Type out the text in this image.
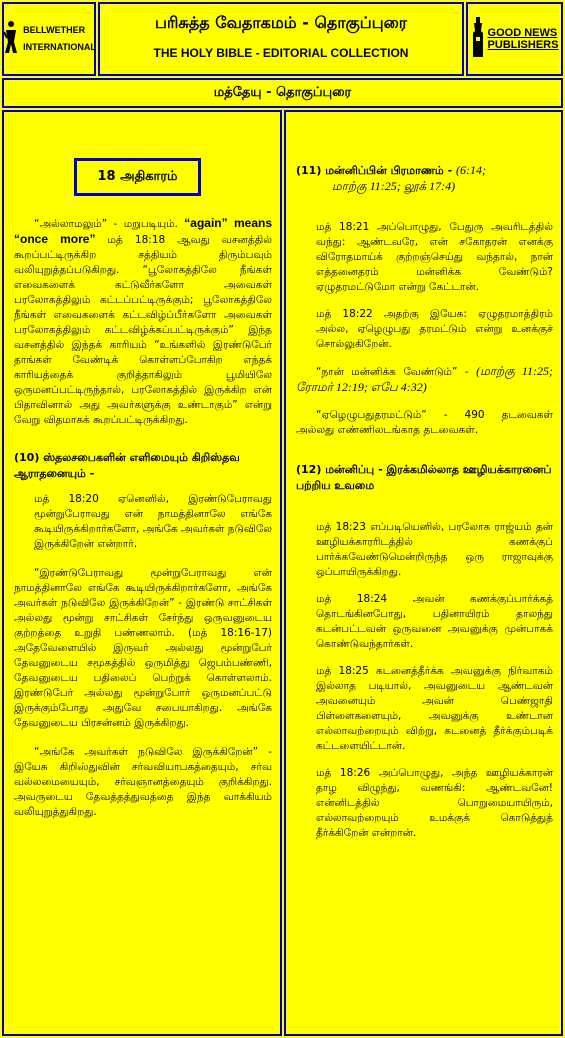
BELLWETHER
INTERNATIONAL
பரிசுத்த வேதாகமம் - தொகுப்புரை
THE HOLY BIBLE - EDITORIAL COLLECTION
GOOD NEWS
PUBLISHERS
மத்தேயு - தொகுப்புரை
18 அதிகாரம்

“அல்லாமலும்” - மறுபடியும். “again” means “once more” மத் 18:18 ஆவது வசனத்தில் கூறப்பட்டிருக்கிற சத்தியம் திரும்பவும் வலியுறுத்தப்படுகிறது. “பூலோகத்திலே நீங்கள் எவைகளைக் கட்டுவீர்களோ அவைகள் பரலோகத்திலும் கட்டப்பட்டிருக்கும்; பூலோகத்திலே நீங்கள் எவைகளைக் கட்டவிழ்ப்பீர்களோ அவைகள் பரலோகத்திலும் கட்டவிழ்க்கப்பட்டிருக்கும்” இந்த வசனத்தில் இந்தக் காரியம் “உங்களில் இரண்டுபேர் தாங்கள் வேண்டிக் கொள்ளப்போகிற எந்தக் காரியத்தைக் குறித்தாகிலும் பூமியிலே ஒருமனப்பட்டிருந்தால், பரலோகத்தில் இருக்கிற என் பிதாவினால் அது அவர்களுக்கு உண்டாகும்” என்று வேறு விதமாகக் கூறப்பட்டிருக்கிறது.

(10) ஸ்தலசபைகளின் எளிமையும் கிறிஸ்தவ ஆராதனையும் -

மத் 18:20 ஏனெனில், இரண்டுபேராவது மூன்றுபேராவது என் நாமத்தினாலே எங்கே கூடியிருக்கிறார்களோ, அங்கே அவர்கள் நடுவிலே இருக்கிறேன் என்றார்.

“இரண்டுபேராவது மூன்றுபேராவது என் நாமத்தினாலே எங்கே கூடியிருக்கிறார்களோ, அங்கே அவர்கள் நடுவிலே இருக்கிறேன்” - இரண்டு சாட்சிகள் அல்லது மூன்று சாட்சிகள் சேர்ந்து ஒருவனுடைய குற்றத்தை உறுதி பண்ணலாம். (மத் 18:16-17) அதேவேளையில் இருவர் அல்லது மூன்றுபேர் தேவனுடைய சமூகத்தில் ஒருமித்து ஜெபம்பண்ணி, தேவனுடைய பதிலைப் பெற்றுக் கொள்ளலாம். இரண்டுபேர் அல்லது மூன்றுபோர் ஒருமனப்பட்டு இருக்கும்போது அதுவே சபையாகிறது. அங்கே தேவனுடைய பிரசன்னம் இருக்கிறது.

“அங்கே அவர்கள் நடுவிலே இருக்கிறேன்” - இயேசு கிறிஸ்துவின் சர்வவியாபகத்தையும், சர்வ வல்லமையையும், சர்வஞானத்தையும் குறிக்கிறது. அவருடைய தேவத்தத்துவத்தை இந்த வாக்கியம் வலியுறுத்துகிறது.

(11) மன்னிப்பின் பிரமாணம் - (6:14;
மாற்கு 11:25; லூக் 17:4)

மத் 18:21 அப்பொழுது, பேதுரு அவரிடத்தில் வந்து: ஆண்டவரே, என் சகோதரன் எனக்கு விரோதமாய்க் குற்றஞ்செய்து வந்தால், நான் எத்தனைதரம் மன்னிக்க வேண்டும்? ஏழுதரமட்டுமோ என்று கேட்டான்.

மத் 18:22 அதற்கு இயேசு: ஏழுதரமாத்திரம் அல்ல, ஏழெழுபது தரமட்டும் என்று உனக்குச் சொல்லுகிறேன்.

“நான் மன்னிக்க வேண்டும்” - (மாற்கு 11:25; ரோமர் 12:19; எபே 4:32)

“ஏழெழுபதுதரமட்டும்” - 490 தடவைகள் அல்லது எண்ணிலடங்காத தடவைகள்.

(12) மன்னிப்பு - இரக்கமில்லாத ஊழியக்காரனைப் பற்றிய உவமை

மத் 18:23 எப்படியெனில், பரலோக ராஜ்யம் தன் ஊழியக்காரரிடத்தில் கணக்குப் பார்க்கவேண்டுமென்றிருந்த ஒரு ராஜாவுக்கு ஒப்பாயிருக்கிறது.

மத் 18:24 அவன் கணக்குப்பார்க்கத் தொடங்கினபோது, பதினாயிரம் தாலந்து கடன்பட்டவன் ஒருவனை அவனுக்கு முன்பாகக் கொண்டுவந்தார்கள்.

மத் 18:25 கடனைத்தீர்க்க அவனுக்கு நிர்வாகம் இல்லாத படியால், அவனுடைய ஆண்டவன் அவனையும் அவன் பெண்ஜாதி பிள்ளைகளையும், அவனுக்கு உண்டான எல்லாவற்றையும் விற்று, கடனைத் தீர்க்கும்படிக் கட்டளையிட்டான்.

மத் 18:26 அப்பொழுது, அந்த ஊழியக்காரன் தாழ விழுந்து, வணங்கி: ஆண்டவனே! என்னிடத்தில் பொறுமையாயிரும், எல்லாவற்றையும் உமக்குக் கொடுத்துத் தீர்க்கிறேன் என்றான்.
